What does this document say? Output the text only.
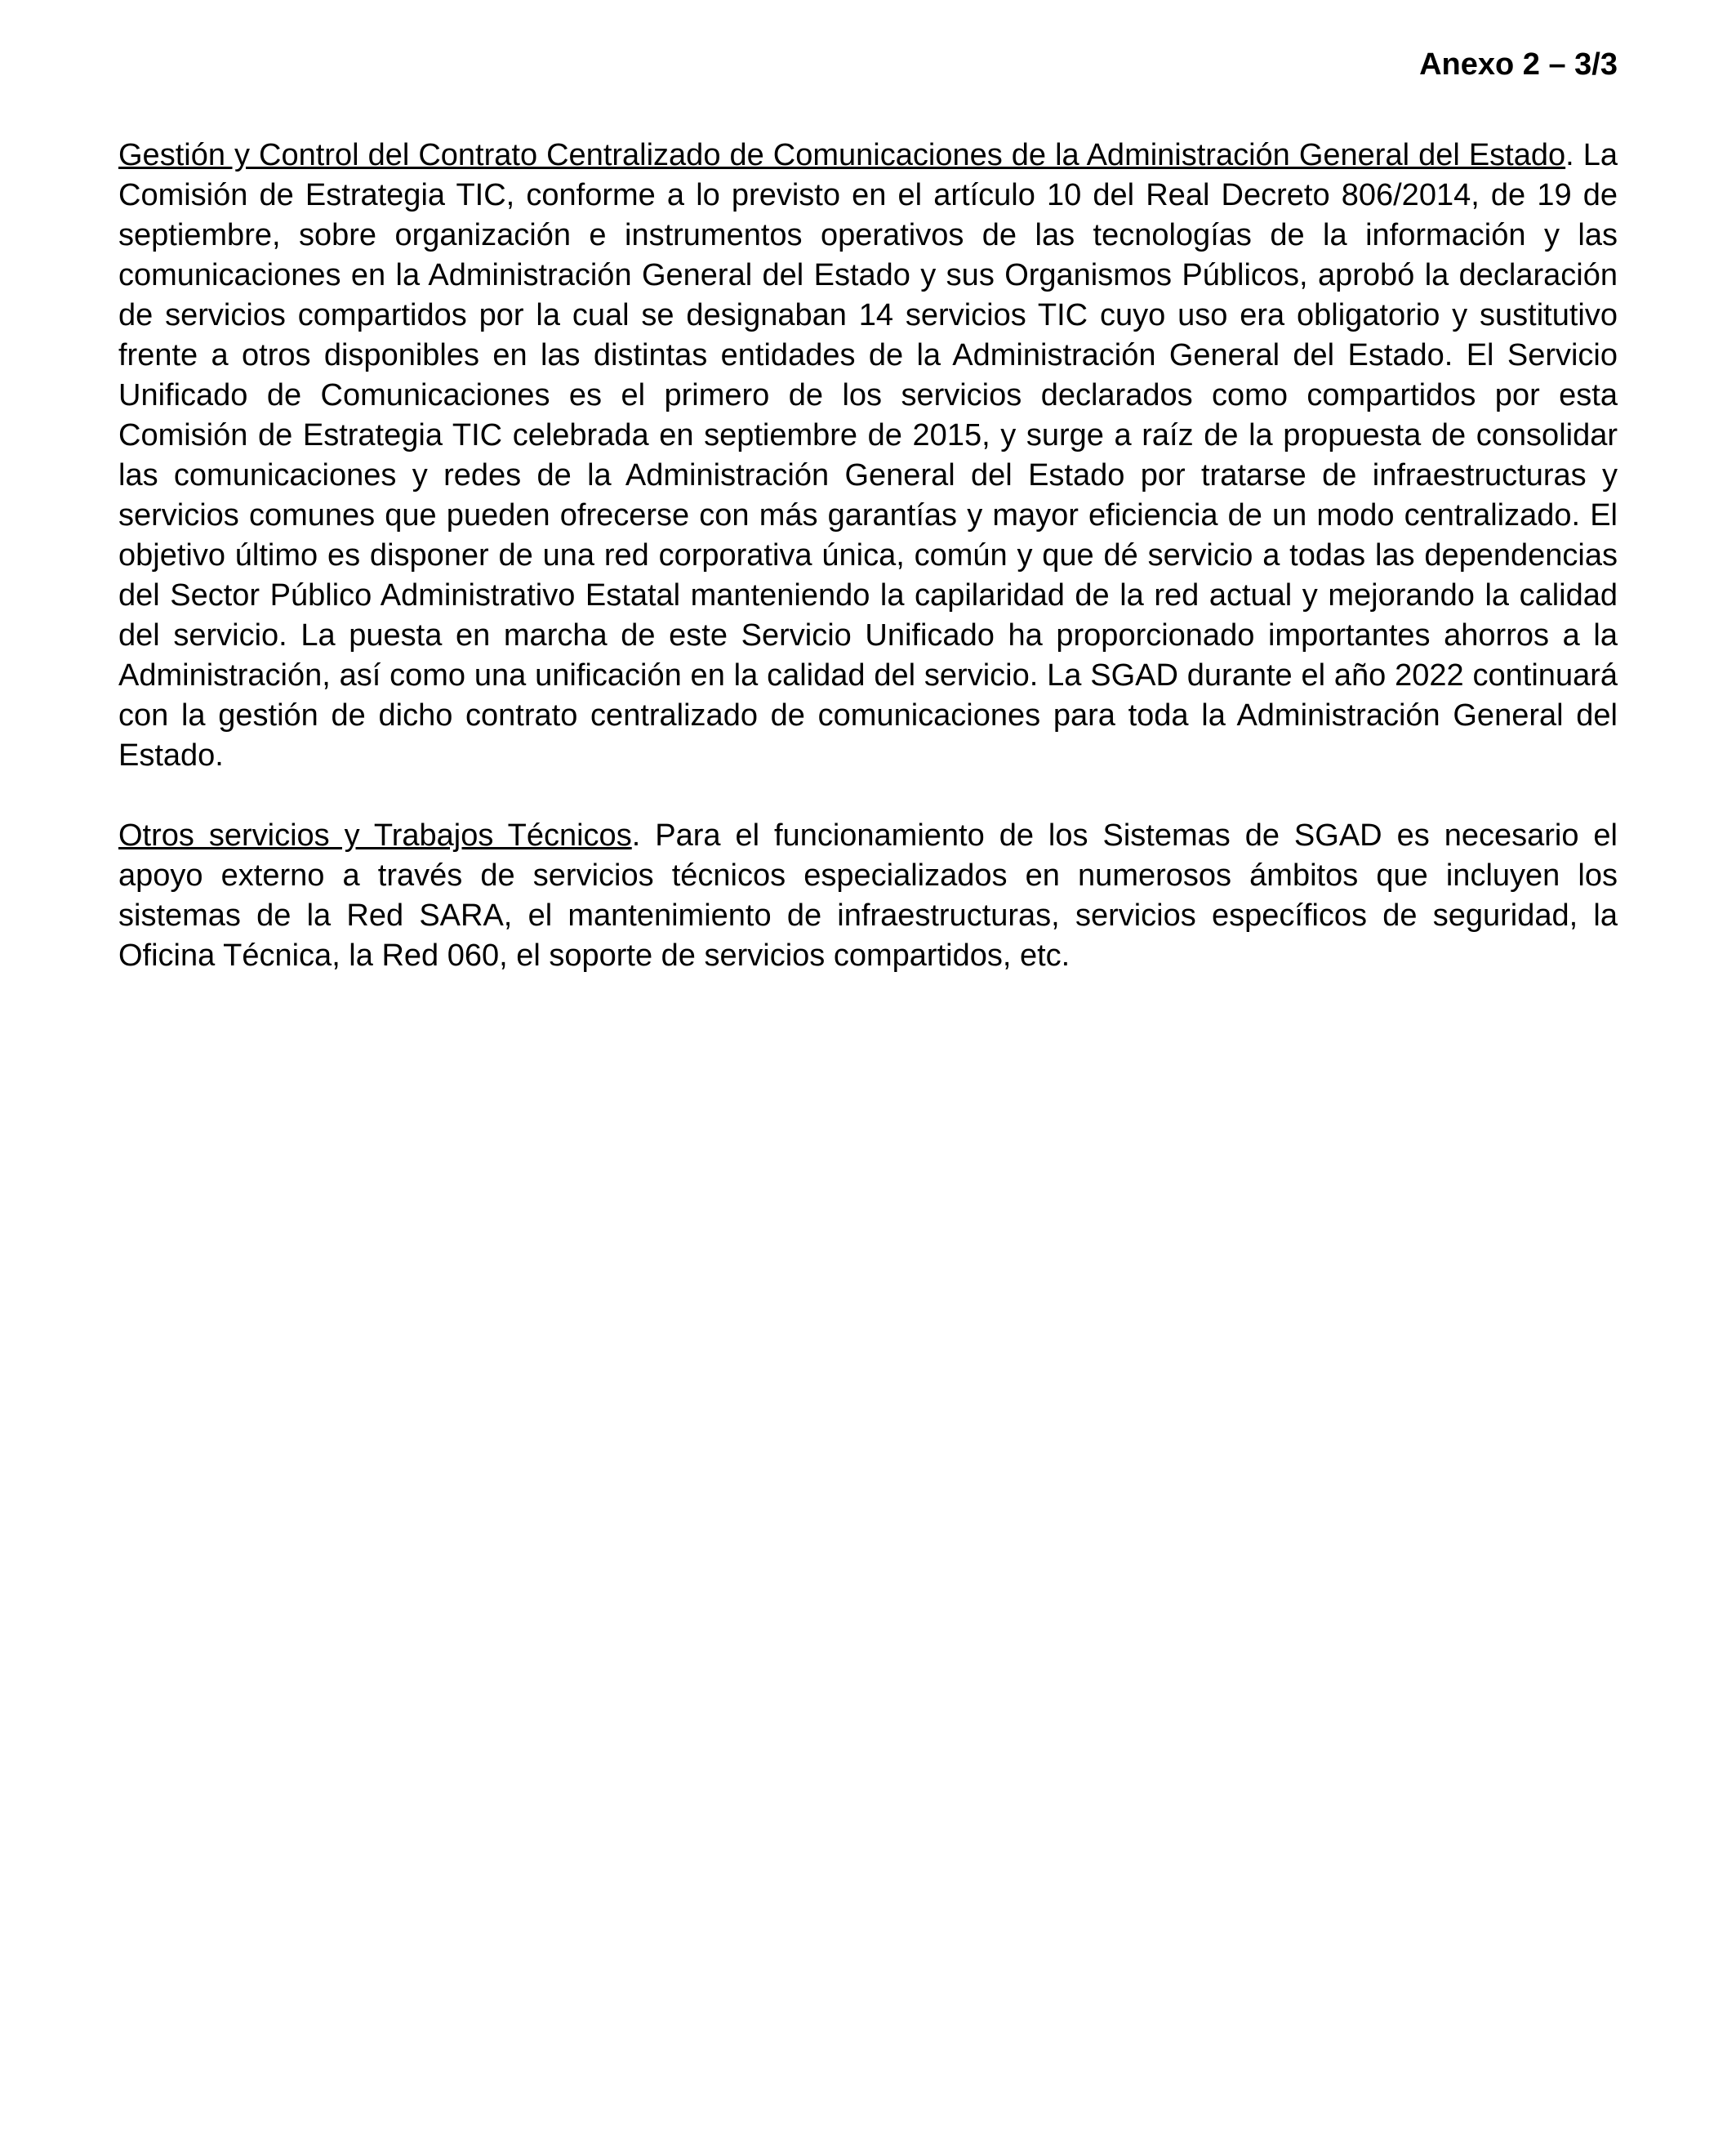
Anexo 2 – 3/3

Gestión y Control del Contrato Centralizado de Comunicaciones de la Administración General del Estado. La Comisión de Estrategia TIC, conforme a lo previsto en el artículo 10 del Real Decreto 806/2014, de 19 de septiembre, sobre organización e instrumentos operativos de las tecnologías de la información y las comunicaciones en la Administración General del Estado y sus Organismos Públicos, aprobó la declaración de servicios compartidos por la cual se designaban 14 servicios TIC cuyo uso era obligatorio y sustitutivo frente a otros disponibles en las distintas entidades de la Administración General del Estado. El Servicio Unificado de Comunicaciones es el primero de los servicios declarados como compartidos por esta Comisión de Estrategia TIC celebrada en septiembre de 2015, y surge a raíz de la propuesta de consolidar las comunicaciones y redes de la Administración General del Estado por tratarse de infraestructuras y servicios comunes que pueden ofrecerse con más garantías y mayor eficiencia de un modo centralizado. El objetivo último es disponer de una red corporativa única, común y que dé servicio a todas las dependencias del Sector Público Administrativo Estatal manteniendo la capilaridad de la red actual y mejorando la calidad del servicio. La puesta en marcha de este Servicio Unificado ha proporcionado importantes ahorros a la Administración, así como una unificación en la calidad del servicio. La SGAD durante el año 2022 continuará con la gestión de dicho contrato centralizado de comunicaciones para toda la Administración General del Estado.

Otros servicios y Trabajos Técnicos. Para el funcionamiento de los Sistemas de SGAD es necesario el apoyo externo a través de servicios técnicos especializados en numerosos ámbitos que incluyen los sistemas de la Red SARA, el mantenimiento de infraestructuras, servicios específicos de seguridad, la Oficina Técnica, la Red 060, el soporte de servicios compartidos, etc.
